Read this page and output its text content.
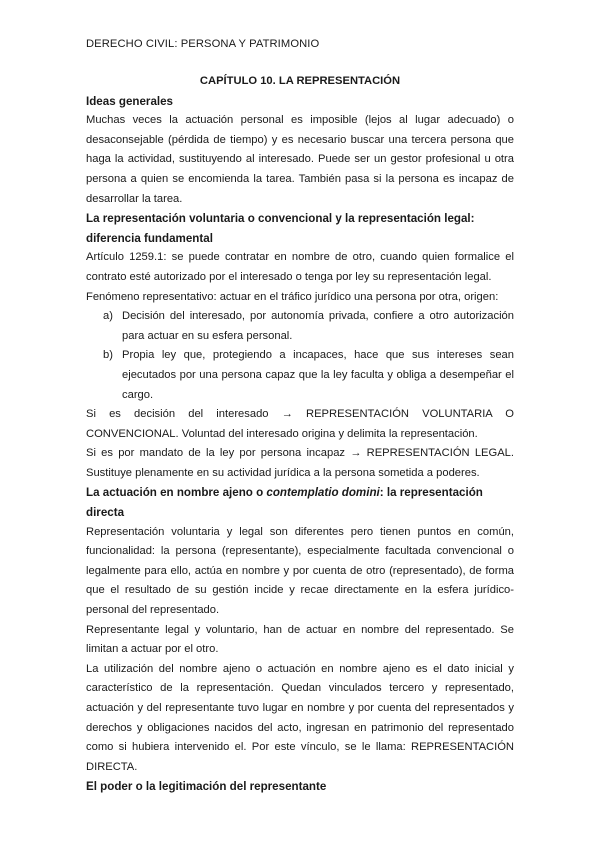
DERECHO CIVIL: PERSONA Y PATRIMONIO

CAPÍTULO 10. LA REPRESENTACIÓN

Ideas generales

Muchas veces la actuación personal es imposible (lejos al lugar adecuado) o desaconsejable (pérdida de tiempo) y es necesario buscar una tercera persona que haga la actividad, sustituyendo al interesado. Puede ser un gestor profesional u otra persona a quien se encomienda la tarea. También pasa si la persona es incapaz de desarrollar la tarea.

La representación voluntaria o convencional y la representación legal: diferencia fundamental

Artículo 1259.1: se puede contratar en nombre de otro, cuando quien formalice el contrato esté autorizado por el interesado o tenga por ley su representación legal.

Fenómeno representativo: actuar en el tráfico jurídico una persona por otra, origen:

a) Decisión del interesado, por autonomía privada, confiere a otro autorización para actuar en su esfera personal.
b) Propia ley que, protegiendo a incapaces, hace que sus intereses sean ejecutados por una persona capaz que la ley faculta y obliga a desempeñar el cargo.

Si es decisión del interesado → REPRESENTACIÓN VOLUNTARIA O CONVENCIONAL. Voluntad del interesado origina y delimita la representación.

Si es por mandato de la ley por persona incapaz → REPRESENTACIÓN LEGAL. Sustituye plenamente en su actividad jurídica a la persona sometida a poderes.

La actuación en nombre ajeno o contemplatio domini: la representación directa

Representación voluntaria y legal son diferentes pero tienen puntos en común, funcionalidad: la persona (representante), especialmente facultada convencional o legalmente para ello, actúa en nombre y por cuenta de otro (representado), de forma que el resultado de su gestión incide y recae directamente en la esfera jurídico-personal del representado.

Representante legal y voluntario, han de actuar en nombre del representado. Se limitan a actuar por el otro.

La utilización del nombre ajeno o actuación en nombre ajeno es el dato inicial y característico de la representación. Quedan vinculados tercero y representado, actuación y del representante tuvo lugar en nombre y por cuenta del representados y derechos y obligaciones nacidos del acto, ingresan en patrimonio del representado como si hubiera intervenido el. Por este vínculo, se le llama: REPRESENTACIÓN DIRECTA.

El poder o la legitimación del representante
